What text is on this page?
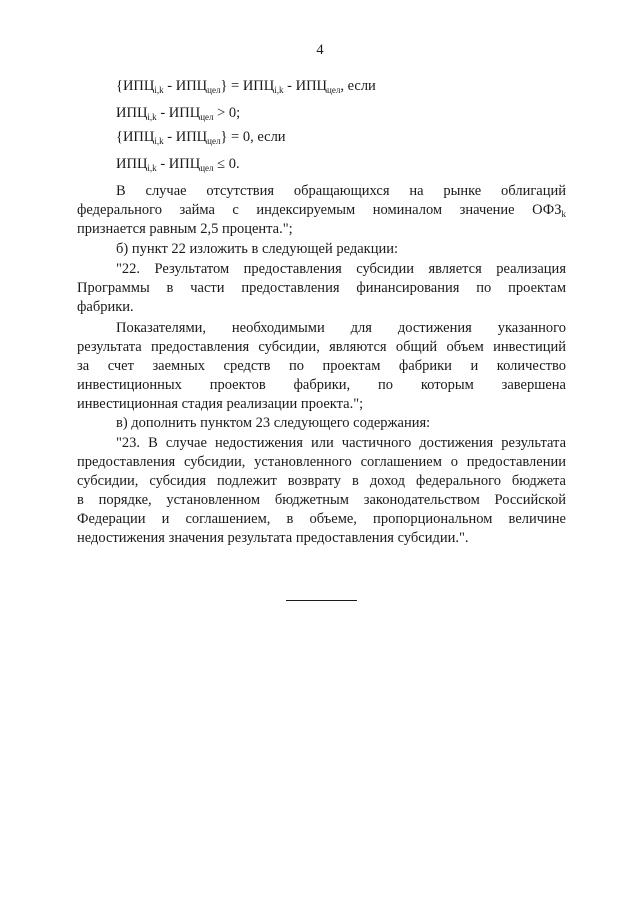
4
$\{ИПЦ_{i,k} - ИПЦ_{цел}\} = ИПЦ_{i,k} - ИПЦ_{цел}$, если
$ИПЦ_{i,k} - ИПЦ_{цел} > 0$;
$\{ИПЦ_{i,k} - ИПЦ_{цел}\} = 0$, если
$ИПЦ_{i,k} - ИПЦ_{цел} \le 0$.
В случае отсутствия обращающихся на рынке облигаций
федерального займа с индексируемым номиналом значение $ОФЗ_k$
признается равным 2,5 процента.";
б) пункт 22 изложить в следующей редакции:
"22. Результатом предоставления субсидии является реализация
Программы в части предоставления финансирования по проектам
фабрики.
Показателями, необходимыми для достижения указанного
результата предоставления субсидии, являются общий объем инвестиций
за счет заемных средств по проектам фабрики и количество
инвестиционных проектов фабрики, по которым завершена
инвестиционная стадия реализации проекта.";
в) дополнить пунктом 23 следующего содержания:
"23. В случае недостижения или частичного достижения результата
предоставления субсидии, установленного соглашением о предоставлении
субсидии, субсидия подлежит возврату в доход федерального бюджета
в порядке, установленном бюджетным законодательством Российской
Федерации и соглашением, в объеме, пропорциональном величине
недостижения значения результата предоставления субсидии.".
